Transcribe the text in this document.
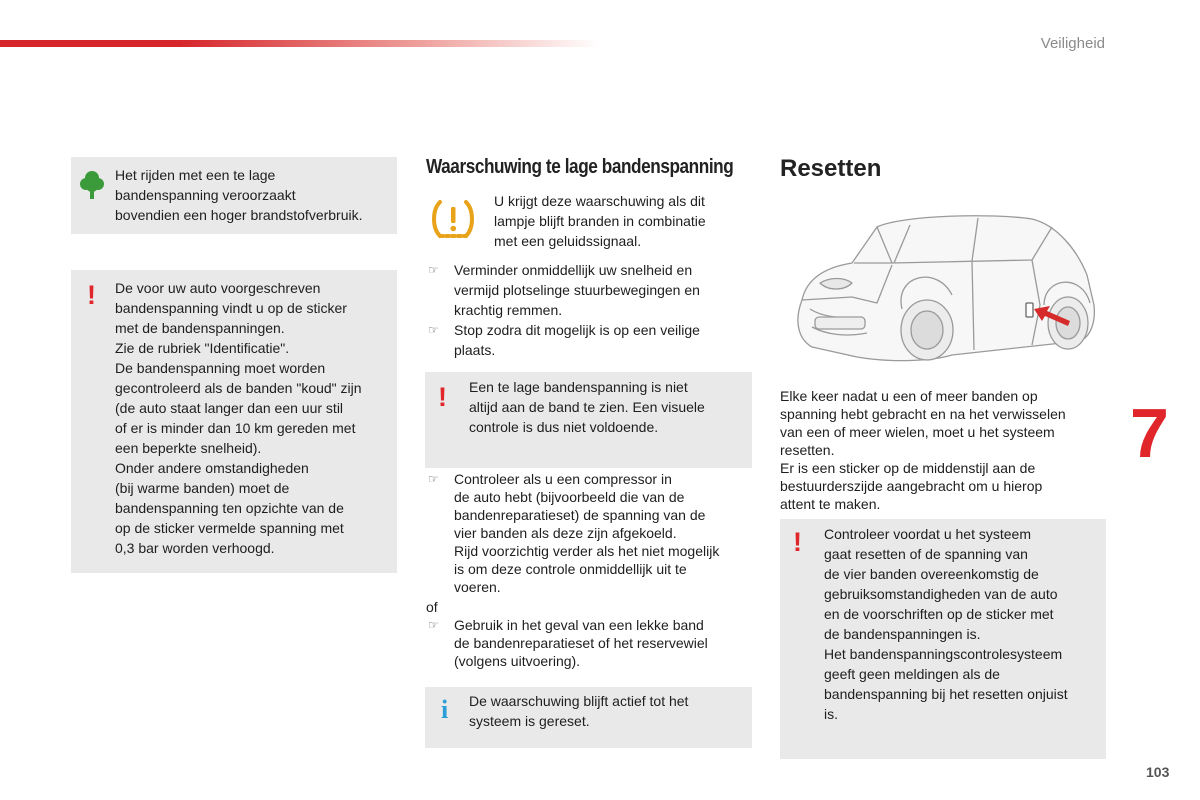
Veiligheid
Het rijden met een te lage
bandenspanning veroorzaakt
bovendien een hoger brandstofverbruik.
! De voor uw auto voorgeschreven
bandenspanning vindt u op de sticker
met de bandenspanningen.
Zie de rubriek "Identificatie".
De bandenspanning moet worden
gecontroleerd als de banden "koud" zijn
(de auto staat langer dan een uur stil
of er is minder dan 10 km gereden met
een beperkte snelheid).
Onder andere omstandigheden
(bij warme banden) moet de
bandenspanning ten opzichte van de
op de sticker vermelde spanning met
0,3 bar worden verhoogd.
Waarschuwing te lage bandenspanning
U krijgt deze waarschuwing als dit
lampje blijft branden in combinatie
met een geluidssignaal.
☞ Verminder onmiddellijk uw snelheid en
vermijd plotselinge stuurbewegingen en
krachtig remmen.
☞ Stop zodra dit mogelijk is op een veilige
plaats.
! Een te lage bandenspanning is niet
altijd aan de band te zien. Een visuele
controle is dus niet voldoende.
☞ Controleer als u een compressor in
de auto hebt (bijvoorbeeld die van de
bandenreparatieset) de spanning van de
vier banden als deze zijn afgekoeld.
Rijd voorzichtig verder als het niet mogelijk
is om deze controle onmiddellijk uit te
voeren.
of
☞ Gebruik in het geval van een lekke band
de bandenreparatieset of het reservewiel
(volgens uitvoering).
i De waarschuwing blijft actief tot het
systeem is gereset.
Resetten
Elke keer nadat u een of meer banden op
spanning hebt gebracht en na het verwisselen
van een of meer wielen, moet u het systeem
resetten.
Er is een sticker op de middenstijl aan de
bestuurderszijde aangebracht om u hierop
attent te maken.
! Controleer voordat u het systeem
gaat resetten of de spanning van
de vier banden overeenkomstig de
gebruiksomstandigheden van de auto
en de voorschriften op de sticker met
de bandenspanningen is.
Het bandenspanningscontrolesysteem
geeft geen meldingen als de
bandenspanning bij het resetten onjuist
is.
7
103
